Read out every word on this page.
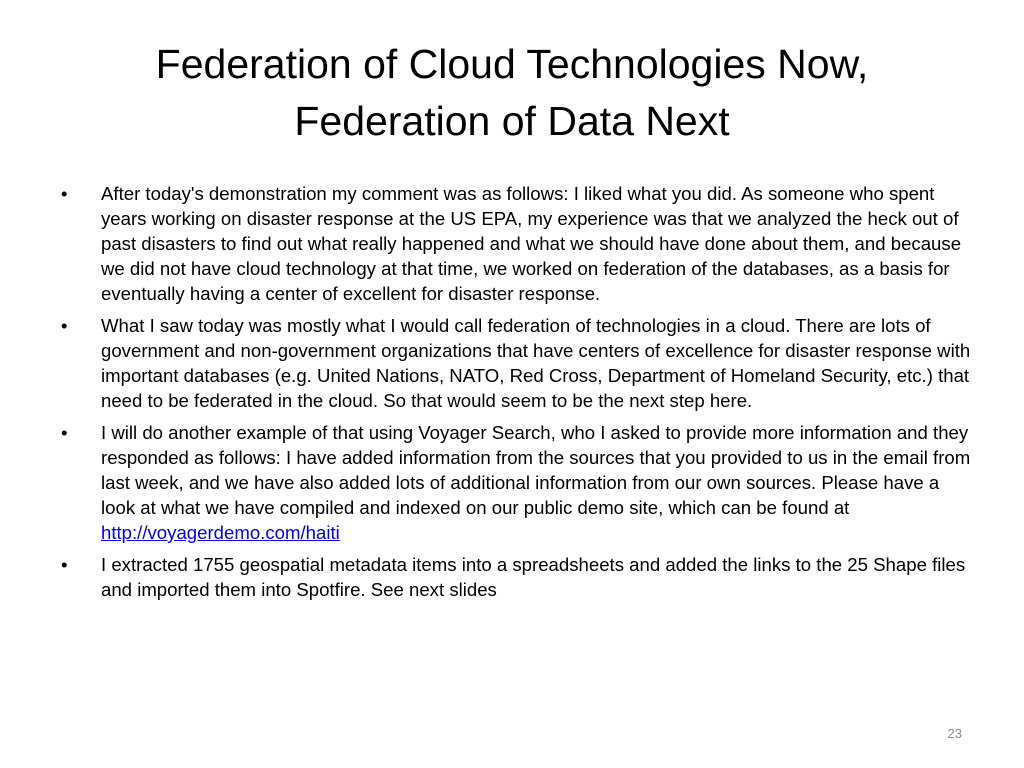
Federation of Cloud Technologies Now,
Federation of Data Next
• After today's demonstration my comment was as follows: I liked what you did. As someone who spent years working on disaster response at the US EPA, my experience was that we analyzed the heck out of past disasters to find out what really happened and what we should have done about them, and because we did not have cloud technology at that time, we worked on federation of the databases, as a basis for eventually having a center of excellent for disaster response.
• What I saw today was mostly what I would call federation of technologies in a cloud. There are lots of government and non-government organizations that have centers of excellence for disaster response with important databases (e.g. United Nations, NATO, Red Cross, Department of Homeland Security, etc.) that need to be federated in the cloud. So that would seem to be the next step here.
• I will do another example of that using Voyager Search, who I asked to provide more information and they responded as follows: I have added information from the sources that you provided to us in the email from last week, and we have also added lots of additional information from our own sources. Please have a look at what we have compiled and indexed on our public demo site, which can be found at http://voyagerdemo.com/haiti
• I extracted 1755 geospatial metadata items into a spreadsheets and added the links to the 25 Shape files and imported them into Spotfire. See next slides
23
